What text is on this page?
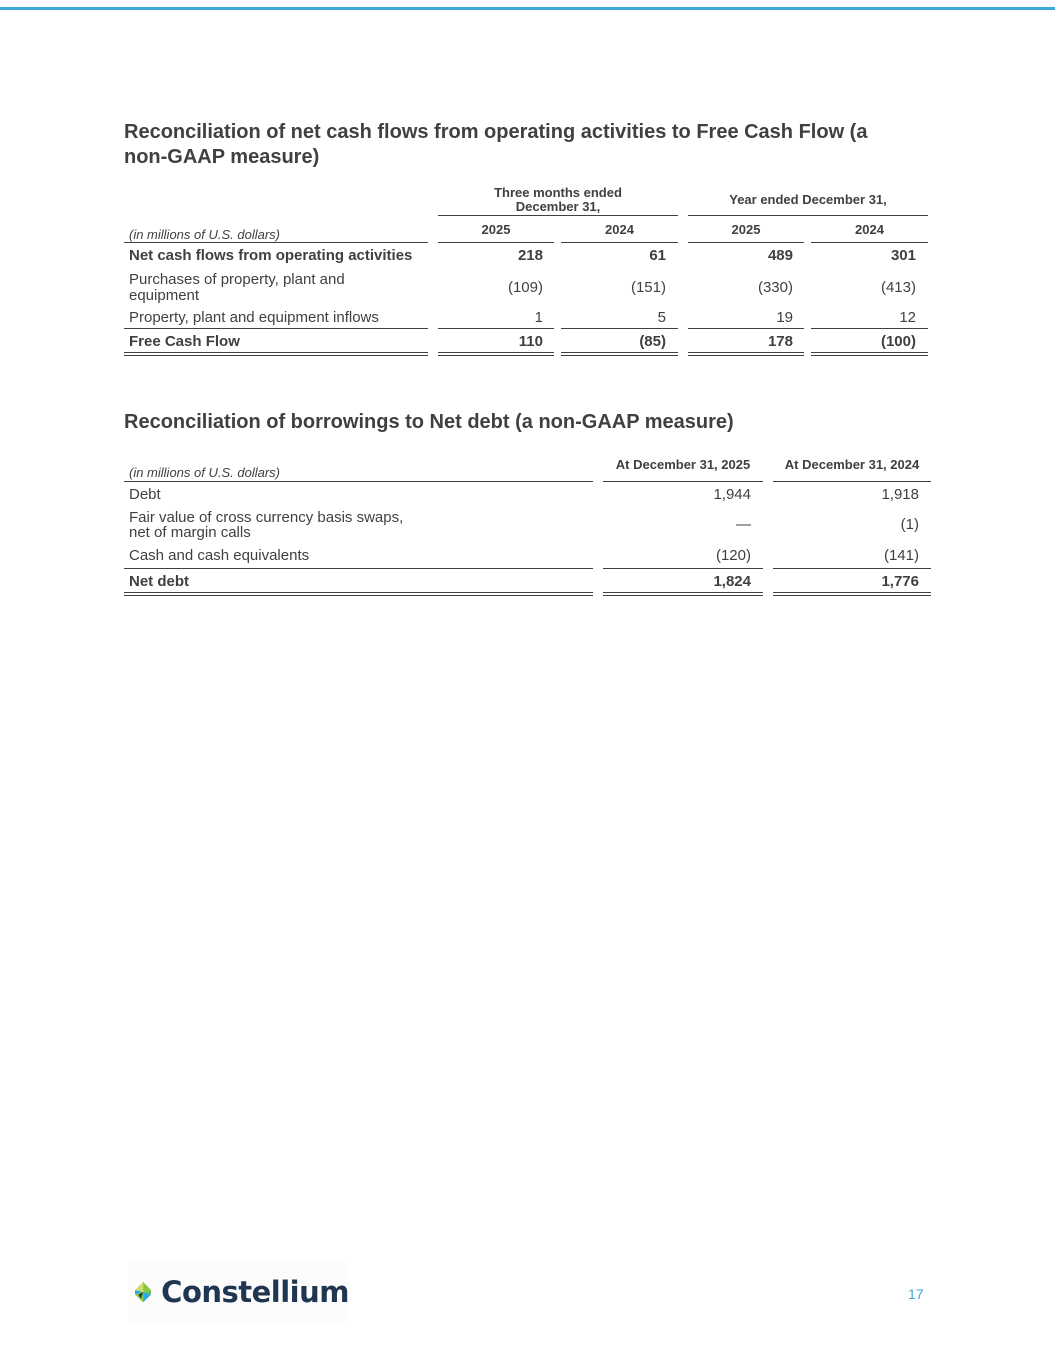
Reconciliation of net cash flows from operating activities to Free Cash Flow (a
non-GAAP measure)
Three months ended
December 31,	Year ended December 31,
(in millions of U.S. dollars)	2025	2024	2025	2024
Net cash flows from operating activities	218	61	489	301
Purchases of property, plant and
equipment	(109)	(151)	(330)	(413)
Property, plant and equipment inflows	1	5	19	12
Free Cash Flow	110	(85)	178	(100)
Reconciliation of borrowings to Net debt (a non-GAAP measure)
(in millions of U.S. dollars)
At December 31, 2025	At December 31, 2024
Debt	1,944	1,918
Fair value of cross currency basis swaps,
net of margin calls	—	(1)
Cash and cash equivalents	(120)	(141)
Net debt	1,824	1,776
Constellium	17
